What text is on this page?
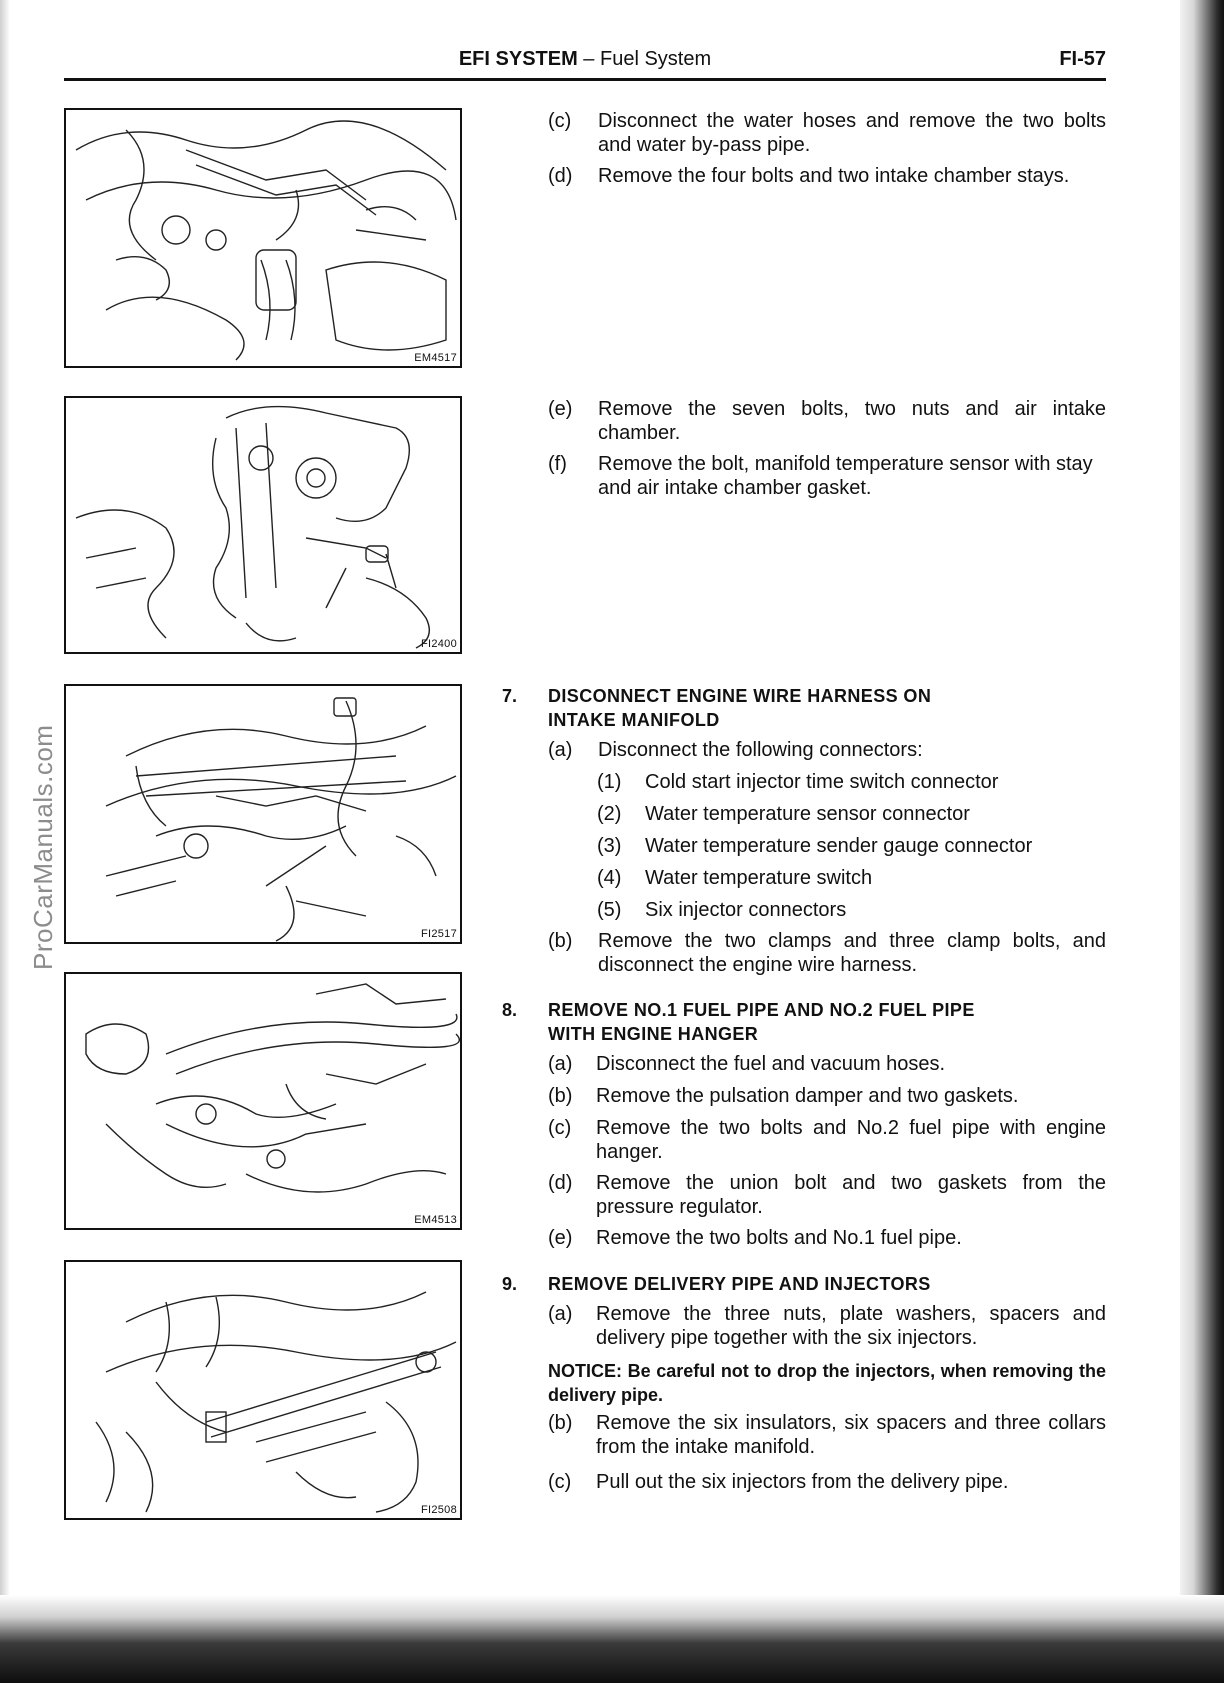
ProCarManuals.com
EFI SYSTEM – Fuel System	FI-57
EM4517
FI2400
FI2517
EM4513
FI2508
(c) Disconnect the water hoses and remove the two bolts and water by-pass pipe.
(d) Remove the four bolts and two intake chamber stays.
(e) Remove the seven bolts, two nuts and air intake chamber.
(f) Remove the bolt, manifold temperature sensor with stay and air intake chamber gasket.
7. DISCONNECT ENGINE WIRE HARNESS ON
INTAKE MANIFOLD
(a) Disconnect the following connectors:
(1) Cold start injector time switch connector
(2) Water temperature sensor connector
(3) Water temperature sender gauge connector
(4) Water temperature switch
(5) Six injector connectors
(b) Remove the two clamps and three clamp bolts, and disconnect the engine wire harness.
8. REMOVE NO.1 FUEL PIPE AND NO.2 FUEL PIPE
WITH ENGINE HANGER
(a) Disconnect the fuel and vacuum hoses.
(b) Remove the pulsation damper and two gaskets.
(c) Remove the two bolts and No.2 fuel pipe with engine hanger.
(d) Remove the union bolt and two gaskets from the pressure regulator.
(e) Remove the two bolts and No.1 fuel pipe.
9. REMOVE DELIVERY PIPE AND INJECTORS
(a) Remove the three nuts, plate washers, spacers and delivery pipe together with the six injectors.
NOTICE: Be careful not to drop the injectors, when removing the delivery pipe.
(b) Remove the six insulators, six spacers and three collars from the intake manifold.
(c) Pull out the six injectors from the delivery pipe.
